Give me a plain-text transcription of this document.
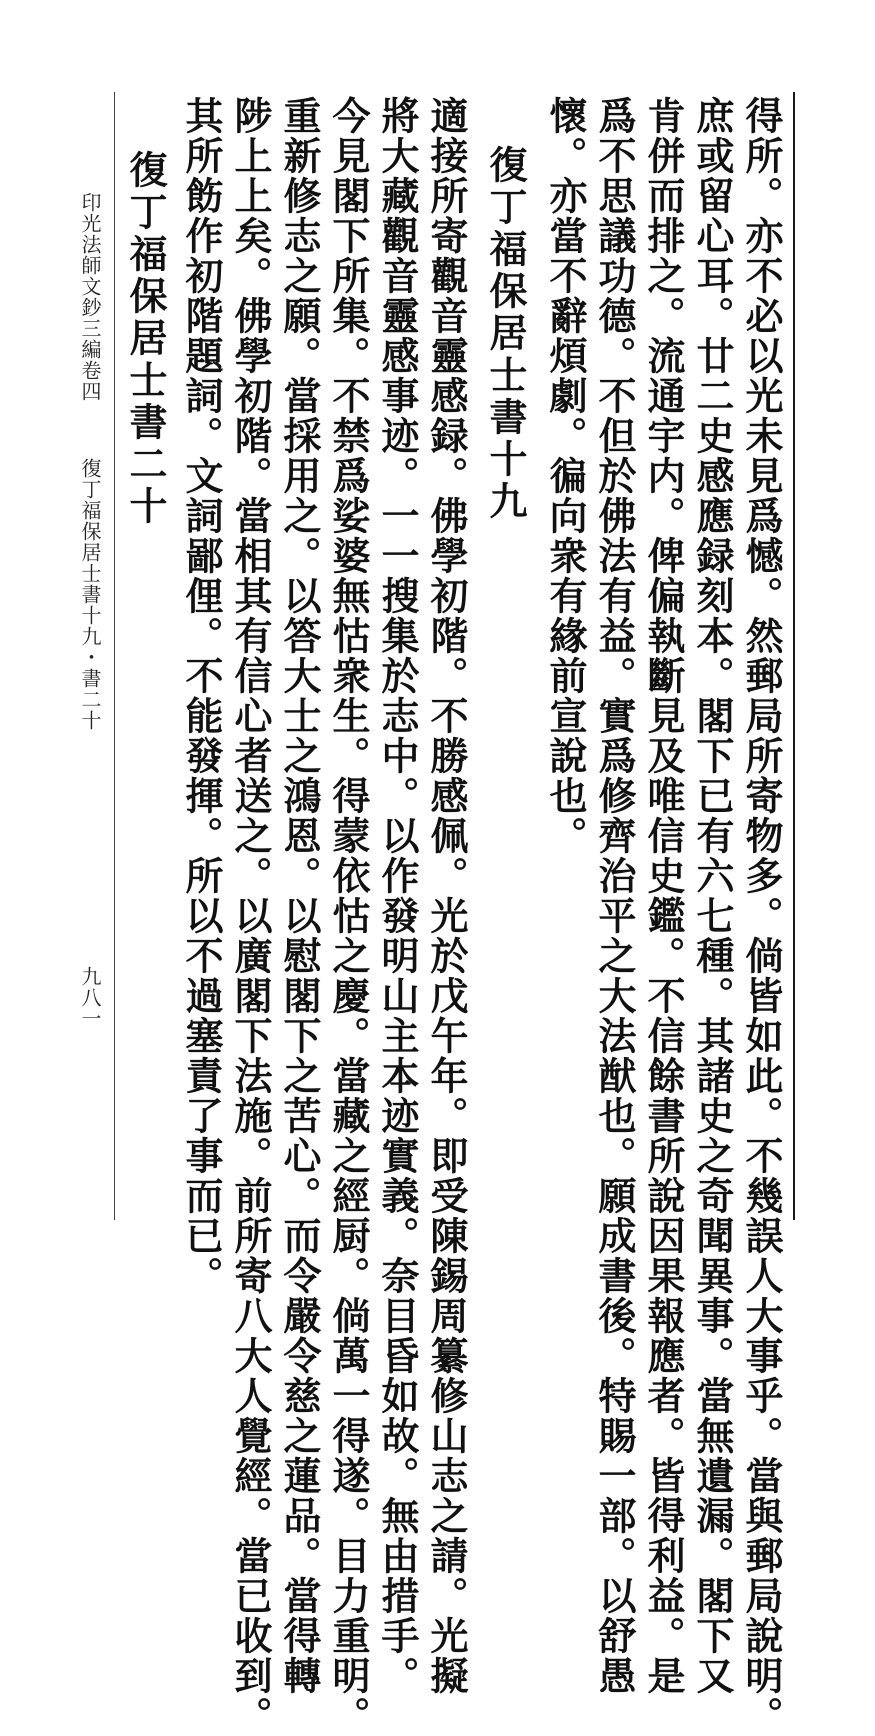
得所。亦不必以光未見爲憾。然郵局所寄物多。倘皆如此。不幾誤人大事乎。當與郵局說明。
庶或留心耳。廿二史感應録刻本。閣下已有六七種。其諸史之奇聞異事。當無遺漏。閣下又
肯併而排之。流通宇内。俾偏執斷見及唯信史鑑。不信餘書所說因果報應者。皆得利益。是
爲不思議功德。不但於佛法有益。實爲修齊治平之大法猷也。願成書後。特賜一部。以舒愚
懷。亦當不辭煩劇。徧向衆有緣前宣說也。
復丁福保居士書十九
適接所寄觀音靈感録。佛學初階。不勝感佩。光於戊午年。即受陳錫周纂修山志之請。光擬
將大藏觀音靈感事迹。一一搜集於志中。以作發明山主本迹實義。奈目昏如故。無由措手。
今見閣下所集。不禁爲娑婆無怙衆生。得蒙依怙之慶。當藏之經厨。倘萬一得遂。目力重明。
重新修志之願。當採用之。以答大士之鴻恩。以慰閣下之苦心。而令嚴令慈之蓮品。當得轉
陟上上矣。佛學初階。當相其有信心者送之。以廣閣下法施。前所寄八大人覺經。當已收到。
其所飭作初階題詞。文詞鄙俚。不能發揮。所以不過塞責了事而已。
復丁福保居士書二十
印光法師文鈔三編卷四
復丁福保居士書十九・書二十
九八一
